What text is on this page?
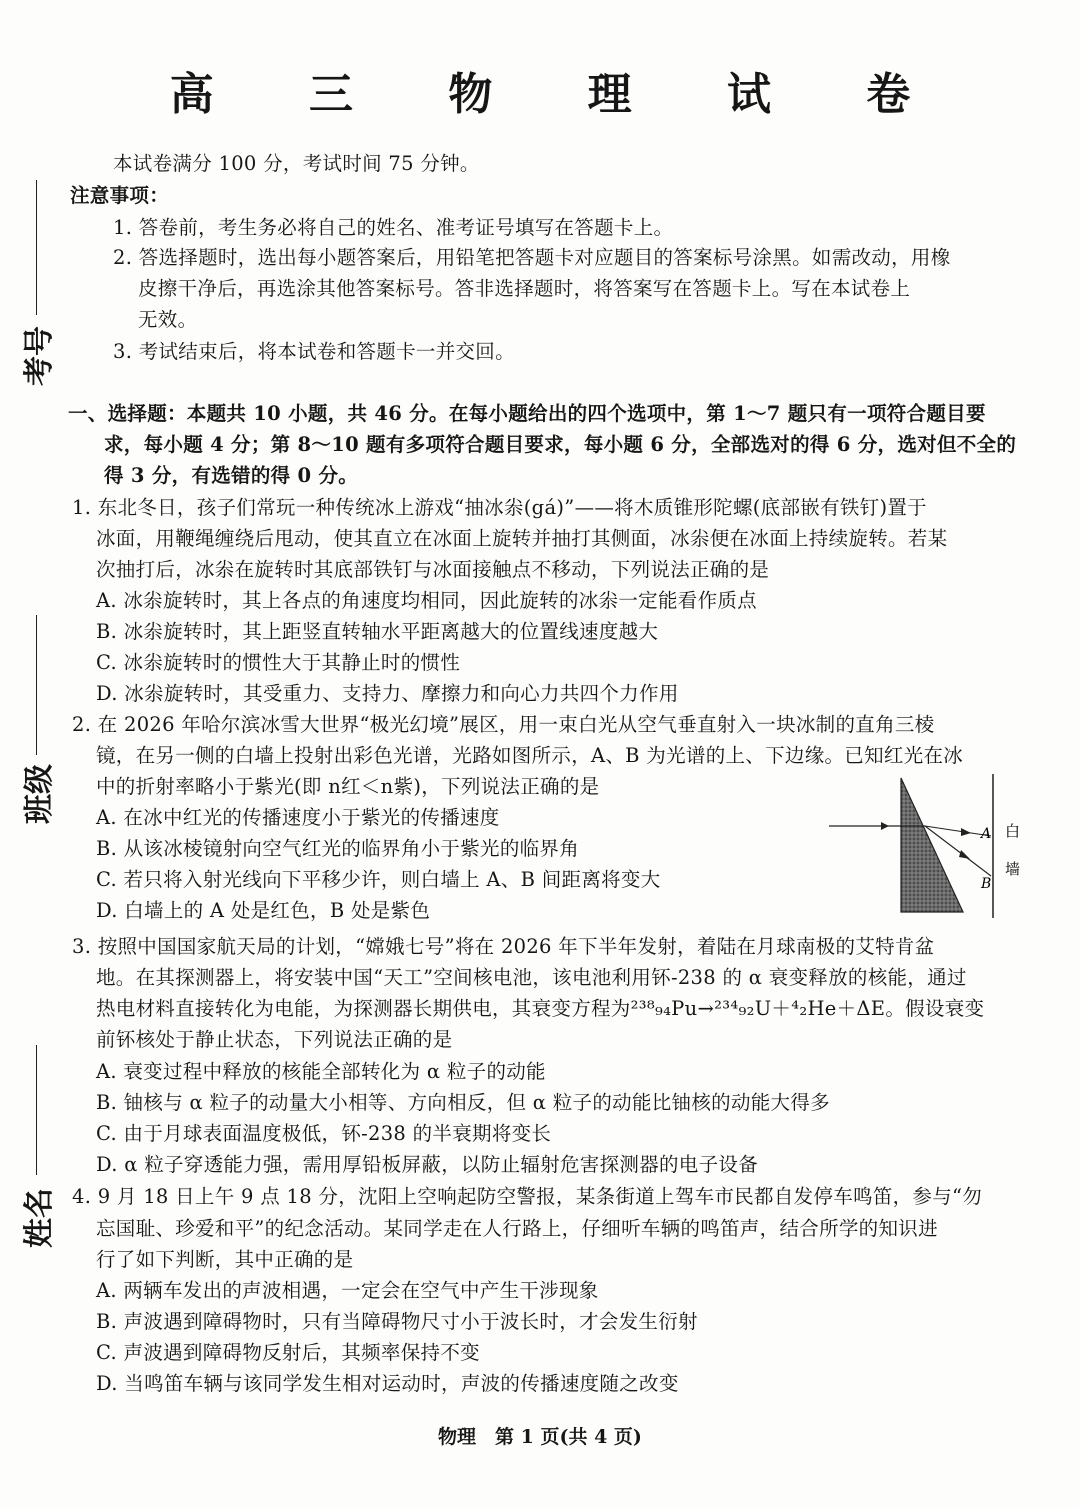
高 三 物 理 试 卷
考号
班级
姓名
本试卷满分 100 分，考试时间 75 分钟。
注意事项：
1. 答卷前，考生务必将自己的姓名、准考证号填写在答题卡上。
2. 答选择题时，选出每小题答案后，用铅笔把答题卡对应题目的答案标号涂黑。如需改动，用橡
皮擦干净后，再选涂其他答案标号。答非选择题时，将答案写在答题卡上。写在本试卷上
无效。
3. 考试结束后，将本试卷和答题卡一并交回。
一、选择题：本题共 10 小题，共 46 分。在每小题给出的四个选项中，第 1～7 题只有一项符合题目要
求，每小题 4 分；第 8～10 题有多项符合题目要求，每小题 6 分，全部选对的得 6 分，选对但不全的
得 3 分，有选错的得 0 分。
1. 东北冬日，孩子们常玩一种传统冰上游戏“抽冰尜(gá)”——将木质锥形陀螺(底部嵌有铁钉)置于
冰面，用鞭绳缠绕后甩动，使其直立在冰面上旋转并抽打其侧面，冰尜便在冰面上持续旋转。若某
次抽打后，冰尜在旋转时其底部铁钉与冰面接触点不移动，下列说法正确的是
A. 冰尜旋转时，其上各点的角速度均相同，因此旋转的冰尜一定能看作质点
B. 冰尜旋转时，其上距竖直转轴水平距离越大的位置线速度越大
C. 冰尜旋转时的惯性大于其静止时的惯性
D. 冰尜旋转时，其受重力、支持力、摩擦力和向心力共四个力作用
2. 在 2026 年哈尔滨冰雪大世界“极光幻境”展区，用一束白光从空气垂直射入一块冰制的直角三棱
镜，在另一侧的白墙上投射出彩色光谱，光路如图所示，A、B 为光谱的上、下边缘。已知红光在冰
中的折射率略小于紫光(即 n红＜n紫)，下列说法正确的是
A. 在冰中红光的传播速度小于紫光的传播速度
B. 从该冰棱镜射向空气红光的临界角小于紫光的临界角
C. 若只将入射光线向下平移少许，则白墙上 A、B 间距离将变大
D. 白墙上的 A 处是红色，B 处是紫色
A
B
白
墙
3. 按照中国国家航天局的计划，“嫦娥七号”将在 2026 年下半年发射，着陆在月球南极的艾特肯盆
地。在其探测器上，将安装中国“天工”空间核电池，该电池利用钚-238 的 α 衰变释放的核能，通过
热电材料直接转化为电能，为探测器长期供电，其衰变方程为²³⁸₉₄Pu→²³⁴₉₂U＋⁴₂He＋ΔE。假设衰变
前钚核处于静止状态，下列说法正确的是
A. 衰变过程中释放的核能全部转化为 α 粒子的动能
B. 铀核与 α 粒子的动量大小相等、方向相反，但 α 粒子的动能比铀核的动能大得多
C. 由于月球表面温度极低，钚-238 的半衰期将变长
D. α 粒子穿透能力强，需用厚铅板屏蔽，以防止辐射危害探测器的电子设备
4. 9 月 18 日上午 9 点 18 分，沈阳上空响起防空警报，某条街道上驾车市民都自发停车鸣笛，参与“勿
忘国耻、珍爱和平”的纪念活动。某同学走在人行路上，仔细听车辆的鸣笛声，结合所学的知识进
行了如下判断，其中正确的是
A. 两辆车发出的声波相遇，一定会在空气中产生干涉现象
B. 声波遇到障碍物时，只有当障碍物尺寸小于波长时，才会发生衍射
C. 声波遇到障碍物反射后，其频率保持不变
D. 当鸣笛车辆与该同学发生相对运动时，声波的传播速度随之改变
物理　第 1 页(共 4 页)
